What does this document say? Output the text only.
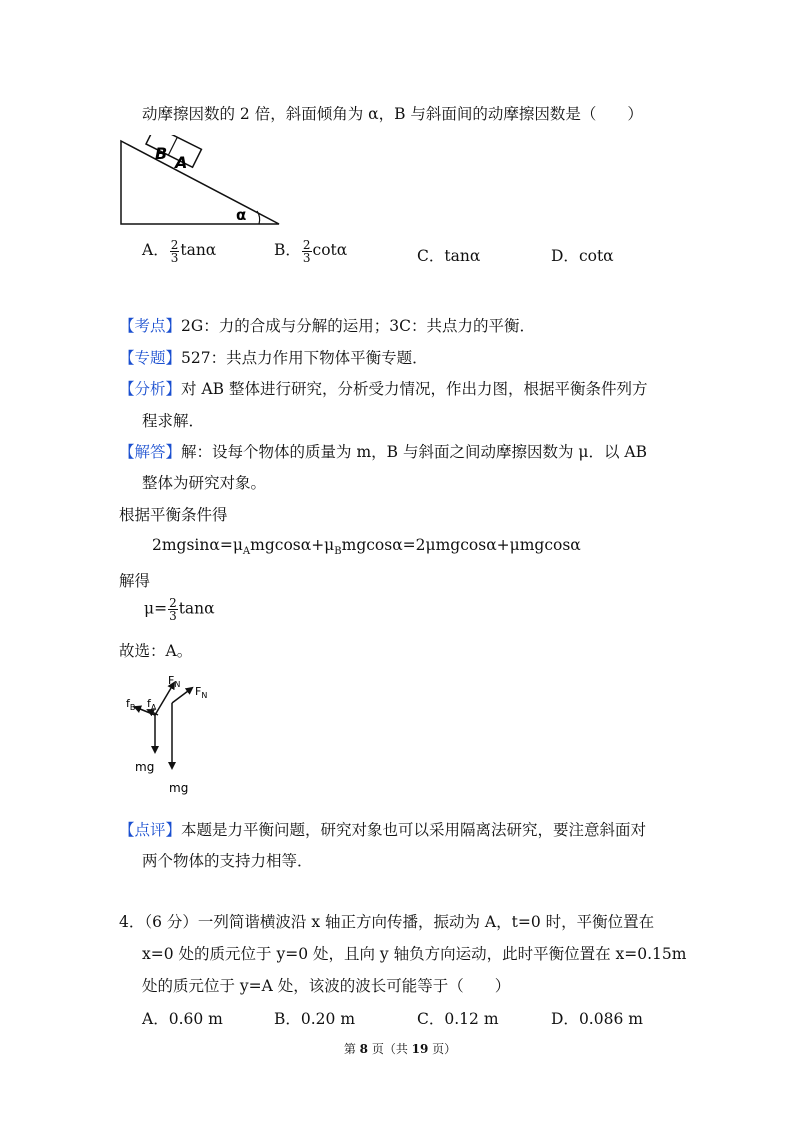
动摩擦因数的 2 倍，斜面倾角为 α，B 与斜面间的动摩擦因数是（　　）
B A
α
A． $\frac{2}{3}$ tanα	B． $\frac{2}{3}$ cotα	C．tanα	D．cotα
【考点】2G：力的合成与分解的运用；3C：共点力的平衡．
【专题】527：共点力作用下物体平衡专题．
【分析】对 AB 整体进行研究，分析受力情况，作出力图，根据平衡条件列方
程求解．
【解答】解：设每个物体的质量为 m，B 与斜面之间动摩擦因数为 μ．以 AB
整体为研究对象。
根据平衡条件得
$2mgsin\alpha=\mu_Amgcos\alpha+\mu_Bmgcos\alpha=2\mu mgcos\alpha+\mu mgcos\alpha$
解得
$\mu= \frac{2}{3}$ tanα
故选：A。
$f_B$ $f_A$
$F_N$
$F_N$
mg
mg
【点评】本题是力平衡问题，研究对象也可以采用隔离法研究，要注意斜面对
两个物体的支持力相等．
4．（6 分）一列简谐横波沿 x 轴正方向传播，振动为 A，t=0 时，平衡位置在
x=0 处的质元位于 y=0 处，且向 y 轴负方向运动，此时平衡位置在 x=0.15m
处的质元位于 y=A 处，该波的波长可能等于（　　）
A．0.60 m	B．0.20 m	C．0.12 m	D．0.086 m
第 8 页（共 19 页）
